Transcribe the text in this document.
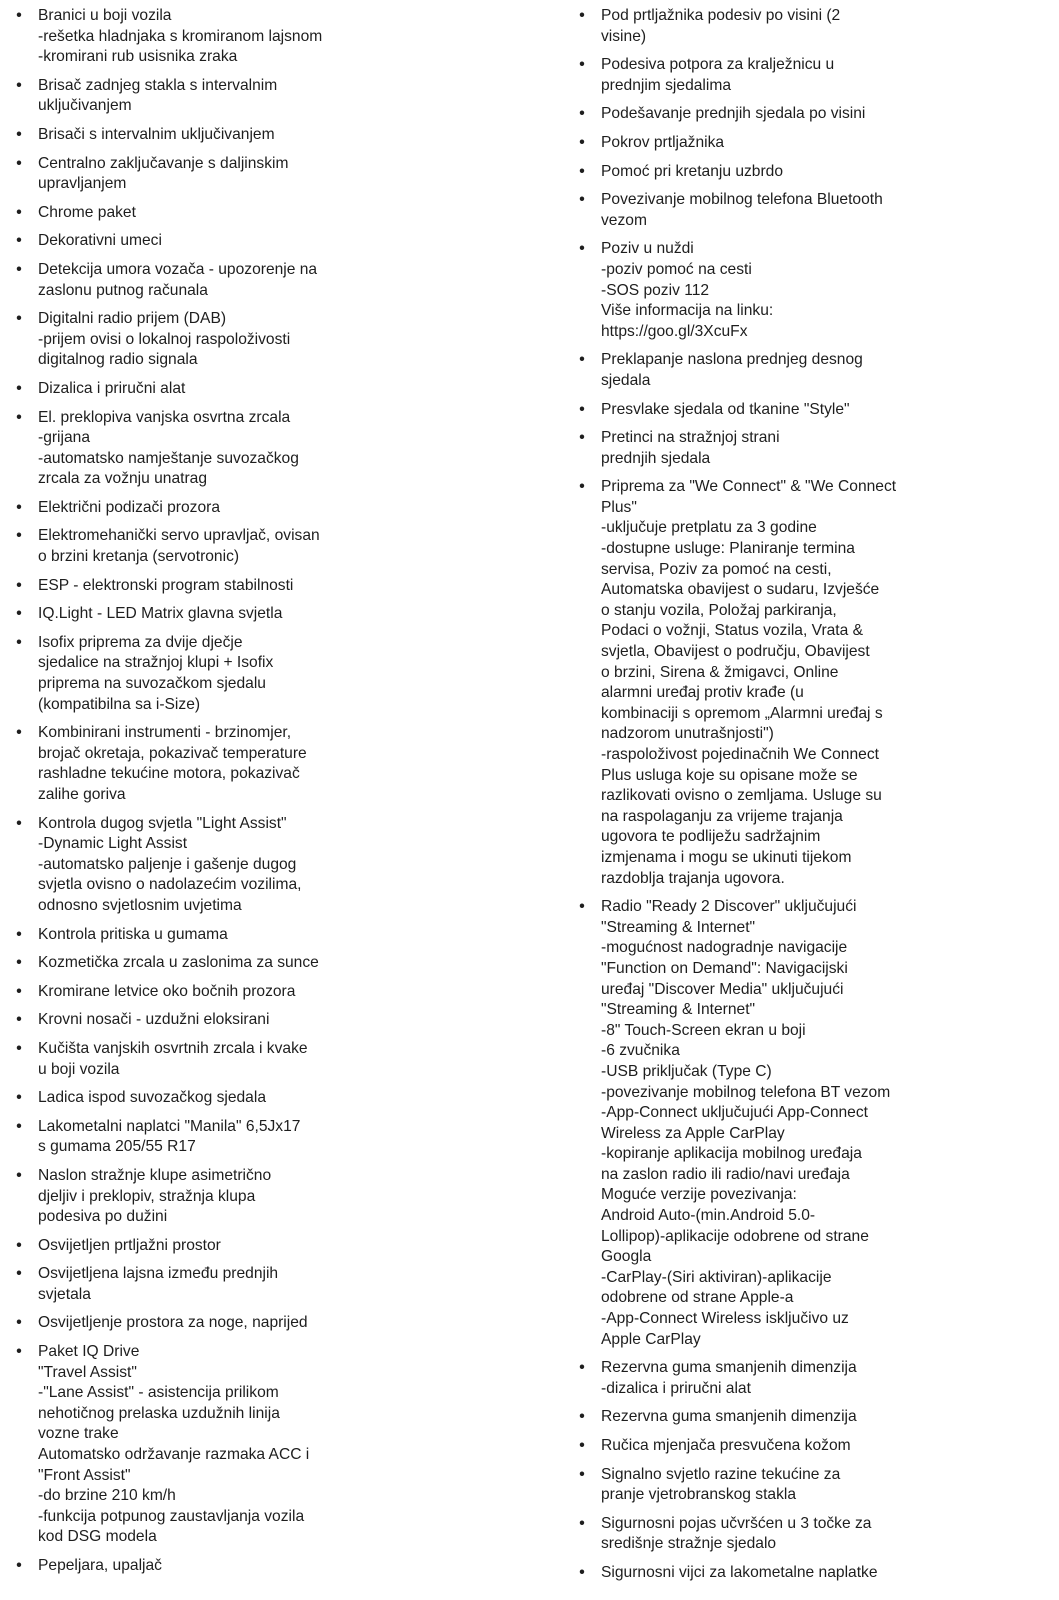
• Branici u boji vozila
-rešetka hladnjaka s kromiranom lajsnom
-kromirani rub usisnika zraka
• Brisač zadnjeg stakla s intervalnim
uključivanjem
• Brisači s intervalnim uključivanjem
• Centralno zaključavanje s daljinskim
upravljanjem
• Chrome paket
• Dekorativni umeci
• Detekcija umora vozača - upozorenje na
zaslonu putnog računala
• Digitalni radio prijem (DAB)
-prijem ovisi o lokalnoj raspoloživosti
digitalnog radio signala
• Dizalica i priručni alat
• El. preklopiva vanjska osvrtna zrcala
-grijana
-automatsko namještanje suvozačkog
zrcala za vožnju unatrag
• Električni podizači prozora
• Elektromehanički servo upravljač, ovisan
o brzini kretanja (servotronic)
• ESP - elektronski program stabilnosti
• IQ.Light - LED Matrix glavna svjetla
• Isofix priprema za dvije dječje
sjedalice na stražnjoj klupi + Isofix
priprema na suvozačkom sjedalu
(kompatibilna sa i-Size)
• Kombinirani instrumenti - brzinomjer,
brojač okretaja, pokazivač temperature
rashladne tekućine motora, pokazivač
zalihe goriva
• Kontrola dugog svjetla "Light Assist"
-Dynamic Light Assist
-automatsko paljenje i gašenje dugog
svjetla ovisno o nadolazećim vozilima,
odnosno svjetlosnim uvjetima
• Kontrola pritiska u gumama
• Kozmetička zrcala u zaslonima za sunce
• Kromirane letvice oko bočnih prozora
• Krovni nosači - uzdužni eloksirani
• Kučišta vanjskih osvrtnih zrcala i kvake
u boji vozila
• Ladica ispod suvozačkog sjedala
• Lakometalni naplatci "Manila" 6,5Jx17
s gumama 205/55 R17
• Naslon stražnje klupe asimetrično
djeljiv i preklopiv, stražnja klupa
podesiva po dužini
• Osvijetljen prtljažni prostor
• Osvijetljena lajsna između prednjih
svjetala
• Osvijetljenje prostora za noge, naprijed
• Paket IQ Drive
"Travel Assist"
-"Lane Assist" - asistencija prilikom
nehotičnog prelaska uzdužnih linija
vozne trake
Automatsko održavanje razmaka ACC i
"Front Assist"
-do brzine 210 km/h
-funkcija potpunog zaustavljanja vozila
kod DSG modela
• Pepeljara, upaljač
• Pod prtljažnika podesiv po visini (2
visine)
• Podesiva potpora za kralježnicu u
prednjim sjedalima
• Podešavanje prednjih sjedala po visini
• Pokrov prtljažnika
• Pomoć pri kretanju uzbrdo
• Povezivanje mobilnog telefona Bluetooth
vezom
• Poziv u nuždi
-poziv pomoć na cesti
-SOS poziv 112
Više informacija na linku:
https://goo.gl/3XcuFx
• Preklapanje naslona prednjeg desnog
sjedala
• Presvlake sjedala od tkanine "Style"
• Pretinci na stražnjoj strani
prednjih sjedala
• Priprema za "We Connect" & "We Connect
Plus"
-uključuje pretplatu za 3 godine
-dostupne usluge: Planiranje termina
servisa, Poziv za pomoć na cesti,
Automatska obavijest o sudaru, Izvješće
o stanju vozila, Položaj parkiranja,
Podaci o vožnji, Status vozila, Vrata &
svjetla, Obavijest o području, Obavijest
o brzini, Sirena & žmigavci, Online
alarmni uređaj protiv krađe (u
kombinaciji s opremom „Alarmni uređaj s
nadzorom unutrašnjosti")
-raspoloživost pojedinačnih We Connect
Plus usluga koje su opisane može se
razlikovati ovisno o zemljama. Usluge su
na raspolaganju za vrijeme trajanja
ugovora te podliježu sadržajnim
izmjenama i mogu se ukinuti tijekom
razdoblja trajanja ugovora.
• Radio "Ready 2 Discover" uključujući
"Streaming & Internet"
-mogućnost nadogradnje navigacije
"Function on Demand": Navigacijski
uređaj "Discover Media" uključujući
"Streaming & Internet"
-8" Touch-Screen ekran u boji
-6 zvučnika
-USB priključak (Type C)
-povezivanje mobilnog telefona BT vezom
-App-Connect uključujući App-Connect
Wireless za Apple CarPlay
-kopiranje aplikacija mobilnog uređaja
na zaslon radio ili radio/navi uređaja
Moguće verzije povezivanja:
Android Auto-(min.Android 5.0-
Lollipop)-aplikacije odobrene od strane
Googla
-CarPlay-(Siri aktiviran)-aplikacije
odobrene od strane Apple-a
-App-Connect Wireless isključivo uz
Apple CarPlay
• Rezervna guma smanjenih dimenzija
-dizalica i priručni alat
• Rezervna guma smanjenih dimenzija
• Ručica mjenjača presvučena kožom
• Signalno svjetlo razine tekućine za
pranje vjetrobranskog stakla
• Sigurnosni pojas učvršćen u 3 točke za
središnje stražnje sjedalo
• Sigurnosni vijci za lakometalne naplatke
